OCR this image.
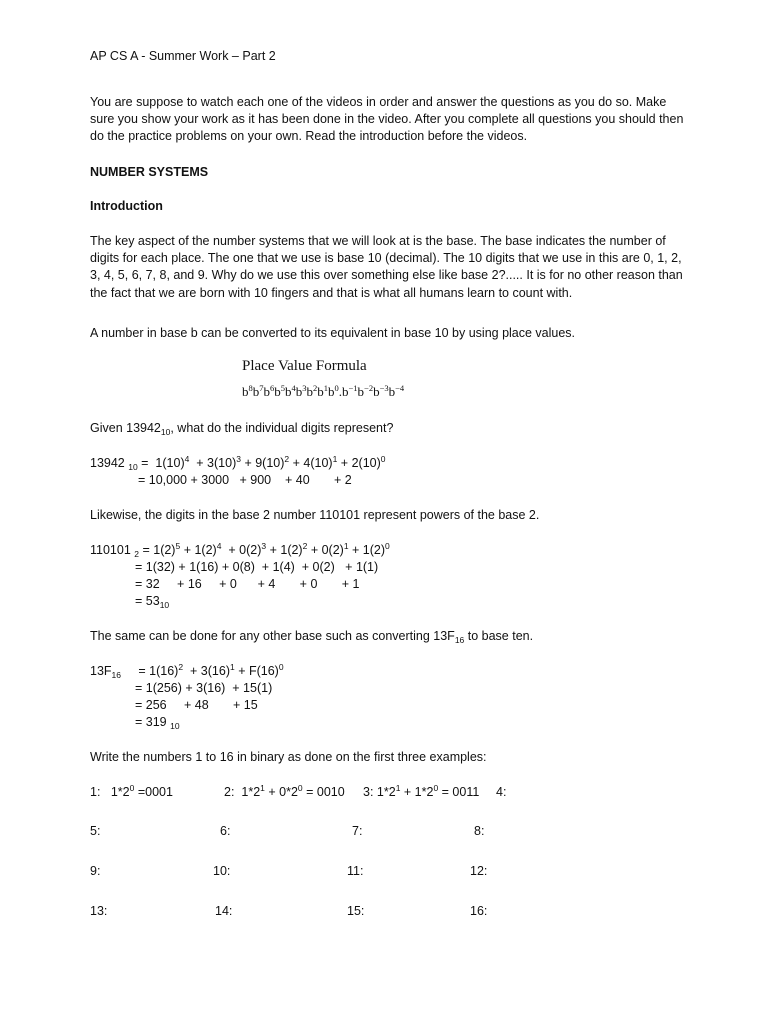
AP CS A - Summer Work – Part 2
You are suppose to watch each one of the videos in order and answer the questions as you do so. Make sure you show your work as it has been done in the video. After you complete all questions you should then do the practice problems on your own. Read the introduction before the videos.
NUMBER SYSTEMS
Introduction
The key aspect of the number systems that we will look at is the base. The base indicates the number of digits for each place. The one that we use is base 10 (decimal). The 10 digits that we use in this are 0, 1, 2, 3, 4, 5, 6, 7, 8, and 9. Why do we use this over something else like base 2?..... It is for no other reason than the fact that we are born with 10 fingers and that is what all humans learn to count with.
A number in base b can be converted to its equivalent in base 10 by using place values.
Place Value Formula
$b^8b^7b^6b^5b^4b^3b^2b^1b^0.b^{-1}b^{-2}b^{-3}b^{-4}$
Given $13942_{10}$, what do the individual digits represent?
13942 $_{10} = 1(10)^4 + 3(10)^3 + 9(10)^2 + 4(10)^1 + 2(10)^0$
= 10,000 + 3000   + 900    + 40       + 2
Likewise, the digits in the base 2 number 110101 represent powers of the base 2.
110101 $_2 = 1(2)^5 + 1(2)^4 + 0(2)^3 + 1(2)^2 + 0(2)^1 + 1(2)^0$
= 1(32) + 1(16) + 0(8)  + 1(4)  + 0(2)   + 1(1)
= 32     + 16     + 0      + 4       + 0       + 1
= $53_{10}$
The same can be done for any other base such as converting $13F_{16}$ to base ten.
$13F_{16}$     = $1(16)^2 + 3(16)^1 + F(16)^0$
= 1(256) + 3(16)  + 15(1)
= 256     + 48       + 15
= 319 $_{10}$
Write the numbers 1 to 16 in binary as done on the first three examples:
1: $1*2^0 =0001$	2: $1*2^1 + 0*2^0 = 0010$ 3: $1*2^1 + 1*2^0 = 0011$ 4:
5:	6:	7:	8:
9:	10:	11:	12:
13:	14:	15:	16:
